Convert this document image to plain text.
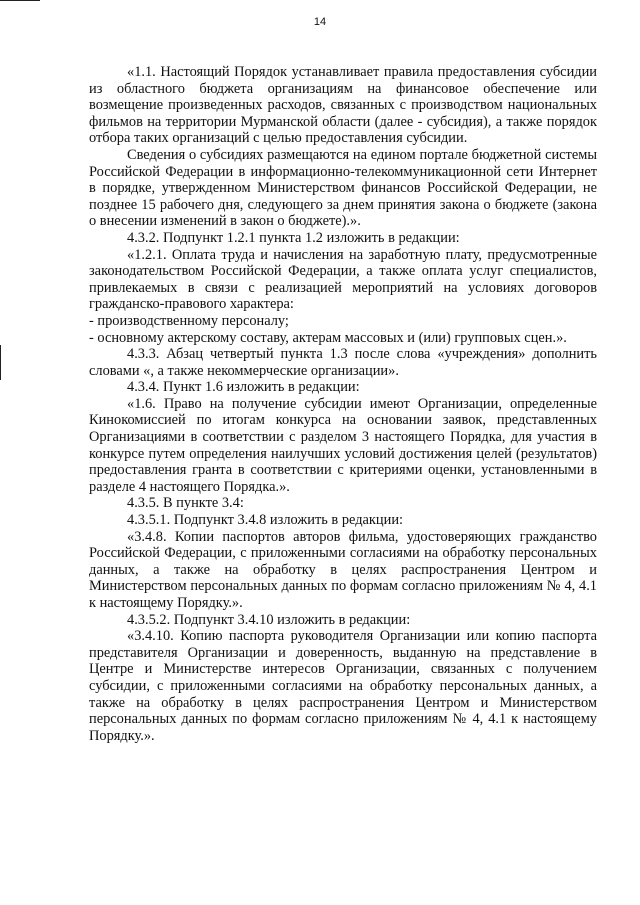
14

«1.1. Настоящий Порядок устанавливает правила предоставления субсидии из областного бюджета организациям на финансовое обеспечение или возмещение произведенных расходов, связанных с производством национальных фильмов на территории Мурманской области (далее - субсидия), а также порядок отбора таких организаций с целью предоставления субсидии.

Сведения о субсидиях размещаются на едином портале бюджетной системы Российской Федерации в информационно-телекоммуникационной сети Интернет в порядке, утвержденном Министерством финансов Российской Федерации, не позднее 15 рабочего дня, следующего за днем принятия закона о бюджете (закона о внесении изменений в закон о бюджете).».

4.3.2. Подпункт 1.2.1 пункта 1.2 изложить в редакции:

«1.2.1. Оплата труда и начисления на заработную плату, предусмотренные законодательством Российской Федерации, а также оплата услуг специалистов, привлекаемых в связи с реализацией мероприятий на условиях договоров гражданско-правового характера:

- производственному персоналу;

- основному актерскому составу, актерам массовых и (или) групповых сцен.».

4.3.3. Абзац четвертый пункта 1.3 после слова «учреждения» дополнить словами «, а также некоммерческие организации».

4.3.4. Пункт 1.6 изложить в редакции:

«1.6. Право на получение субсидии имеют Организации, определенные Кинокомиссией по итогам конкурса на основании заявок, представленных Организациями в соответствии с разделом 3 настоящего Порядка, для участия в конкурсе путем определения наилучших условий достижения целей (результатов) предоставления гранта в соответствии с критериями оценки, установленными в разделе 4 настоящего Порядка.».

4.3.5. В пункте 3.4:

4.3.5.1. Подпункт 3.4.8 изложить в редакции:

«3.4.8. Копии паспортов авторов фильма, удостоверяющих гражданство Российской Федерации, с приложенными согласиями на обработку персональных данных, а также на обработку в целях распространения Центром и Министерством персональных данных по формам согласно приложениям № 4, 4.1 к настоящему Порядку.».

4.3.5.2. Подпункт 3.4.10 изложить в редакции:

«3.4.10. Копию паспорта руководителя Организации или копию паспорта представителя Организации и доверенность, выданную на представление в Центре и Министерстве интересов Организации, связанных с получением субсидии, с приложенными согласиями на обработку персональных данных, а также на обработку в целях распространения Центром и Министерством персональных данных по формам согласно приложениям № 4, 4.1 к настоящему Порядку.».
